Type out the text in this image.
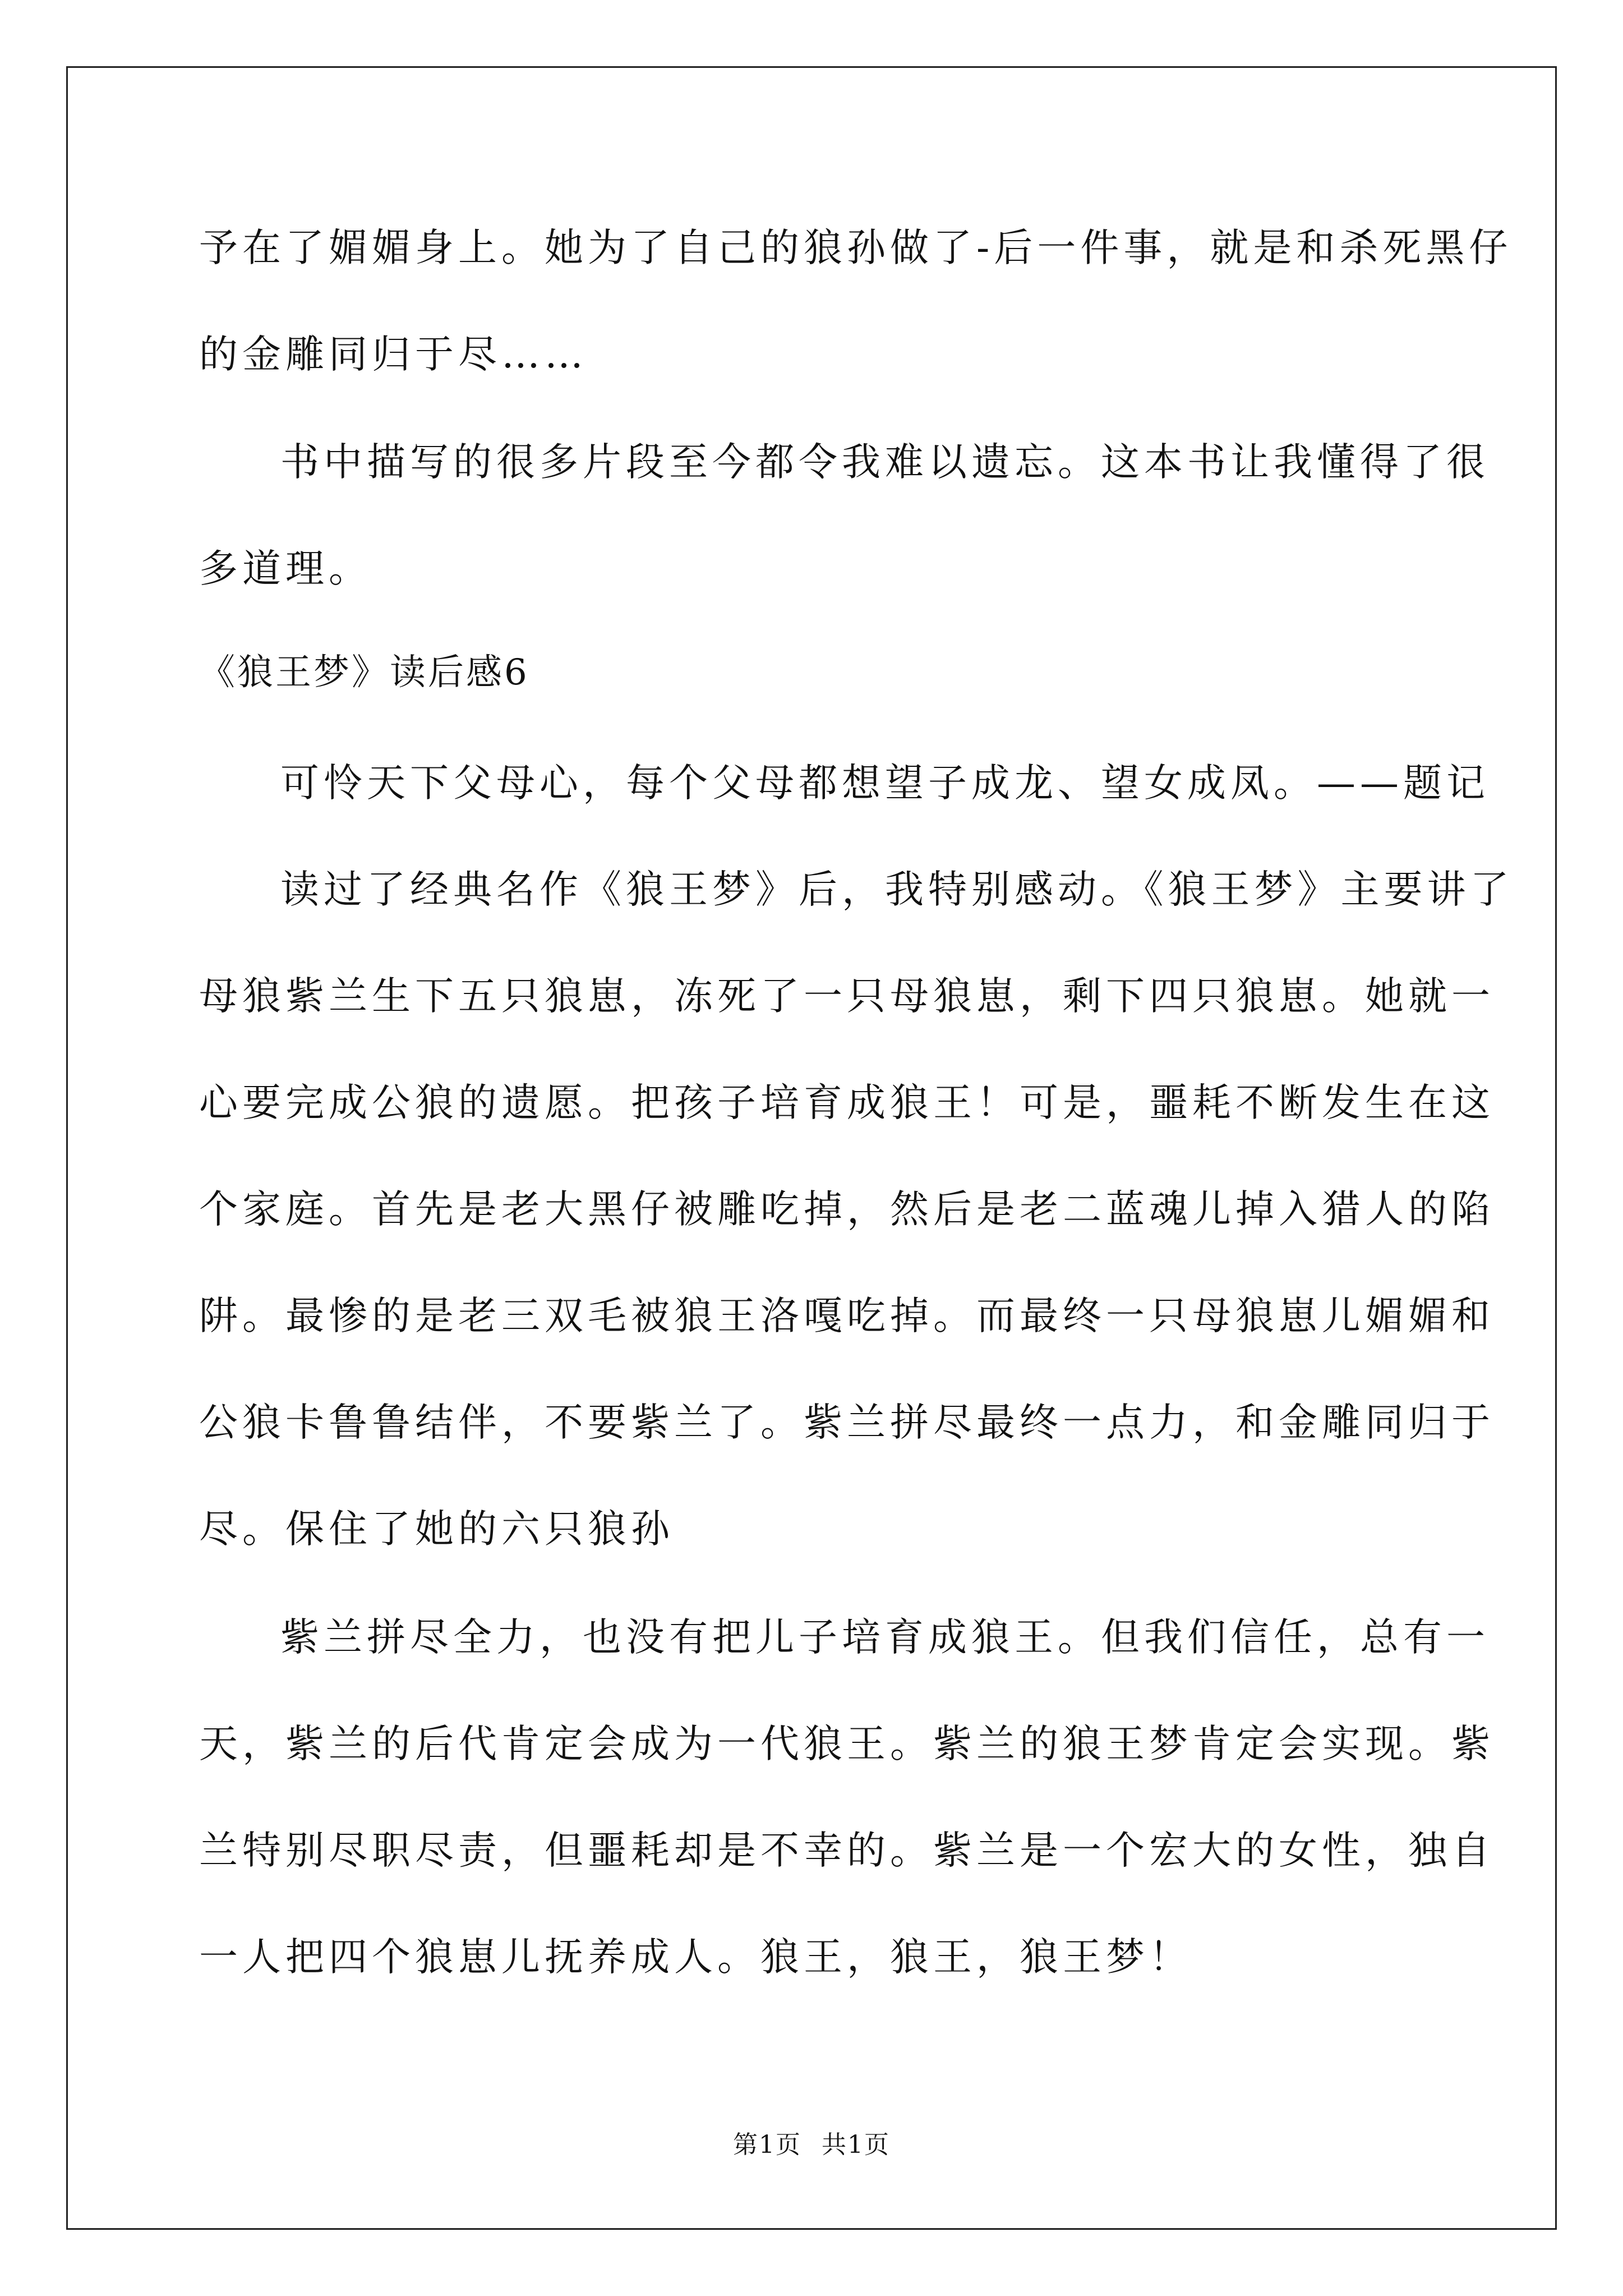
予在了媚媚身上。她为了自己的狼孙做了-后一件事，就是和杀死黑仔
的金雕同归于尽……
书中描写的很多片段至今都令我难以遗忘。这本书让我懂得了很
多道理。
《狼王梦》读后感6
可怜天下父母心，每个父母都想望子成龙、望女成凤。——题记
读过了经典名作《狼王梦》后，我特别感动。《狼王梦》主要讲了
母狼紫兰生下五只狼崽，冻死了一只母狼崽，剩下四只狼崽。她就一
心要完成公狼的遗愿。把孩子培育成狼王！可是，噩耗不断发生在这
个家庭。首先是老大黑仔被雕吃掉，然后是老二蓝魂儿掉入猎人的陷
阱。最惨的是老三双毛被狼王洛嘎吃掉。而最终一只母狼崽儿媚媚和
公狼卡鲁鲁结伴，不要紫兰了。紫兰拼尽最终一点力，和金雕同归于
尽。保住了她的六只狼孙
紫兰拼尽全力，也没有把儿子培育成狼王。但我们信任，总有一
天，紫兰的后代肯定会成为一代狼王。紫兰的狼王梦肯定会实现。紫
兰特别尽职尽责，但噩耗却是不幸的。紫兰是一个宏大的女性，独自
一人把四个狼崽儿抚养成人。狼王，狼王，狼王梦！
第1页 共1页
